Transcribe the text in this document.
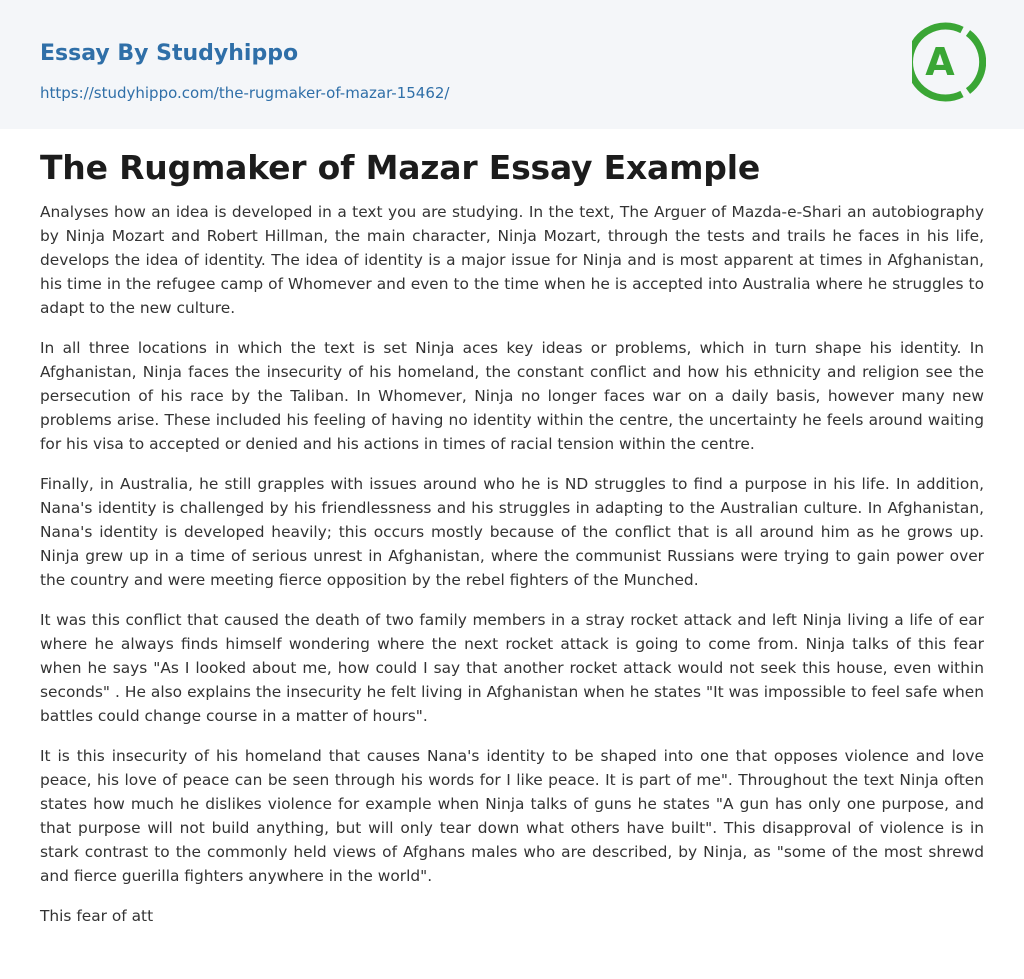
Essay By Studyhippo
https://studyhippo.com/the-rugmaker-of-mazar-15462/
A
The Rugmaker of Mazar Essay Example

Analyses how an idea is developed in a text you are studying. In the text, The Arguer of Mazda-e-Shari an autobiography by Ninja Mozart and Robert Hillman, the main character, Ninja Mozart, through the tests and trails he faces in his life, develops the idea of identity. The idea of identity is a major issue for Ninja and is most apparent at times in Afghanistan, his time in the refugee camp of Whomever and even to the time when he is accepted into Australia where he struggles to adapt to the new culture.

In all three locations in which the text is set Ninja aces key ideas or problems, which in turn shape his identity. In Afghanistan, Ninja faces the insecurity of his homeland, the constant conflict and how his ethnicity and religion see the persecution of his race by the Taliban. In Whomever, Ninja no longer faces war on a daily basis, however many new problems arise. These included his feeling of having no identity within the centre, the uncertainty he feels around waiting for his visa to accepted or denied and his actions in times of racial tension within the centre.

Finally, in Australia, he still grapples with issues around who he is ND struggles to find a purpose in his life. In addition, Nana's identity is challenged by his friendlessness and his struggles in adapting to the Australian culture. In Afghanistan, Nana's identity is developed heavily; this occurs mostly because of the conflict that is all around him as he grows up. Ninja grew up in a time of serious unrest in Afghanistan, where the communist Russians were trying to gain power over the country and were meeting fierce opposition by the rebel fighters of the Munched.

It was this conflict that caused the death of two family members in a stray rocket attack and left Ninja living a life of ear where he always finds himself wondering where the next rocket attack is going to come from. Ninja talks of this fear when he says "As I looked about me, how could I say that another rocket attack would not seek this house, even within seconds" . He also explains the insecurity he felt living in Afghanistan when he states "It was impossible to feel safe when battles could change course in a matter of hours".

It is this insecurity of his homeland that causes Nana's identity to be shaped into one that opposes violence and love peace, his love of peace can be seen through his words for I like peace. It is part of me". Throughout the text Ninja often states how much he dislikes violence for example when Ninja talks of guns he states "A gun has only one purpose, and that purpose will not build anything, but will only tear down what others have built". This disapproval of violence is in stark contrast to the commonly held views of Afghans males who are described, by Ninja, as "some of the most shrewd and fierce guerilla fighters anywhere in the world".

This fear of att
